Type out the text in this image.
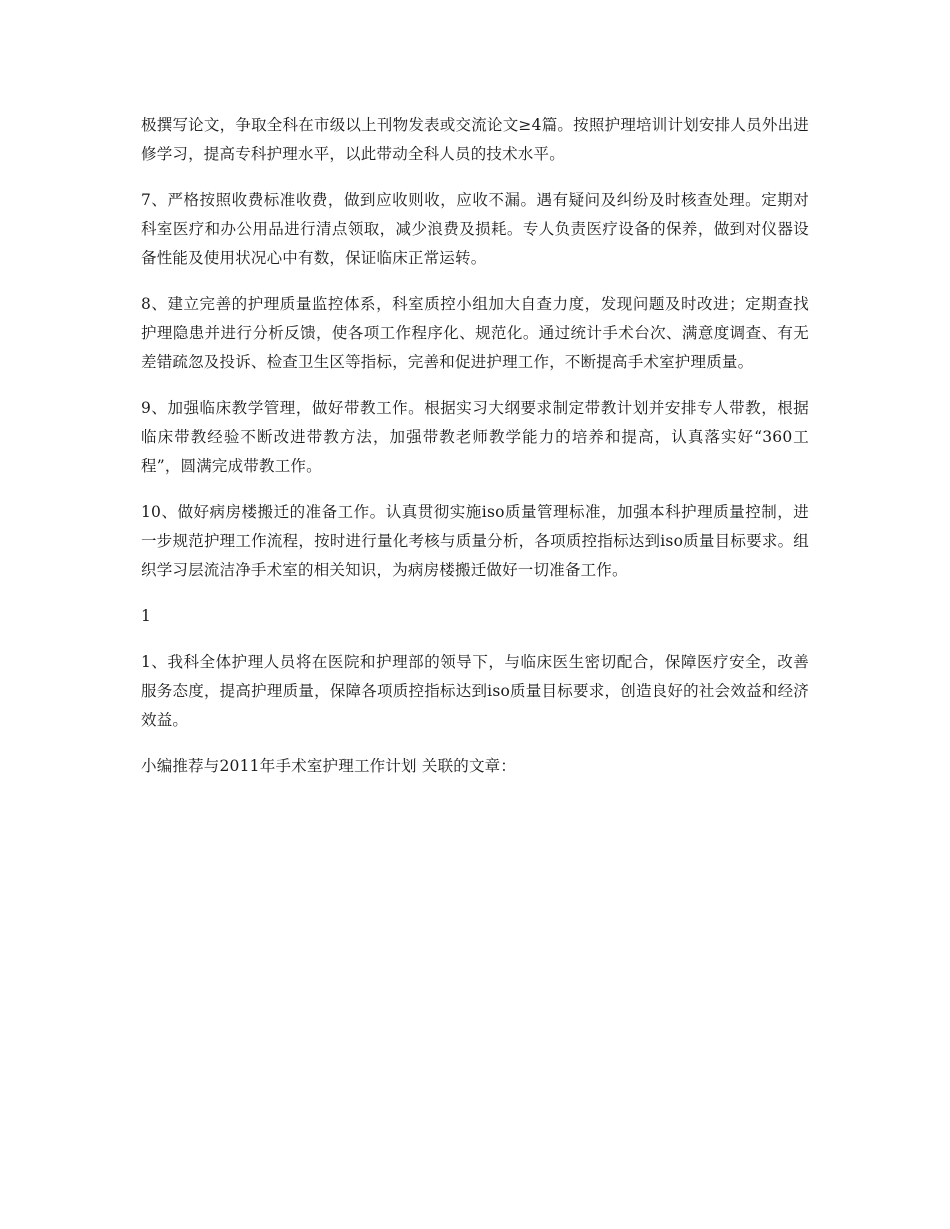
极撰写论文，争取全科在市级以上刊物发表或交流论文≥4篇。按照护理培训计划安排人员外出进修学习，提高专科护理水平，以此带动全科人员的技术水平。

7、严格按照收费标准收费，做到应收则收，应收不漏。遇有疑问及纠纷及时核查处理。定期对科室医疗和办公用品进行清点领取，减少浪费及损耗。专人负责医疗设备的保养，做到对仪器设备性能及使用状况心中有数，保证临床正常运转。

8、建立完善的护理质量监控体系，科室质控小组加大自查力度，发现问题及时改进；定期查找护理隐患并进行分析反馈，使各项工作程序化、规范化。通过统计手术台次、满意度调查、有无差错疏忽及投诉、检查卫生区等指标，完善和促进护理工作，不断提高手术室护理质量。

9、加强临床教学管理，做好带教工作。根据实习大纲要求制定带教计划并安排专人带教，根据临床带教经验不断改进带教方法，加强带教老师教学能力的培养和提高，认真落实好“360工程”，圆满完成带教工作。

10、做好病房楼搬迁的准备工作。认真贯彻实施iso质量管理标准，加强本科护理质量控制，进一步规范护理工作流程，按时进行量化考核与质量分析，各项质控指标达到iso质量目标要求。组织学习层流洁净手术室的相关知识，为病房楼搬迁做好一切准备工作。

1

1、我科全体护理人员将在医院和护理部的领导下，与临床医生密切配合，保障医疗安全，改善服务态度，提高护理质量，保障各项质控指标达到iso质量目标要求，创造良好的社会效益和经济效益。

小编推荐与2011年手术室护理工作计划 关联的文章：
